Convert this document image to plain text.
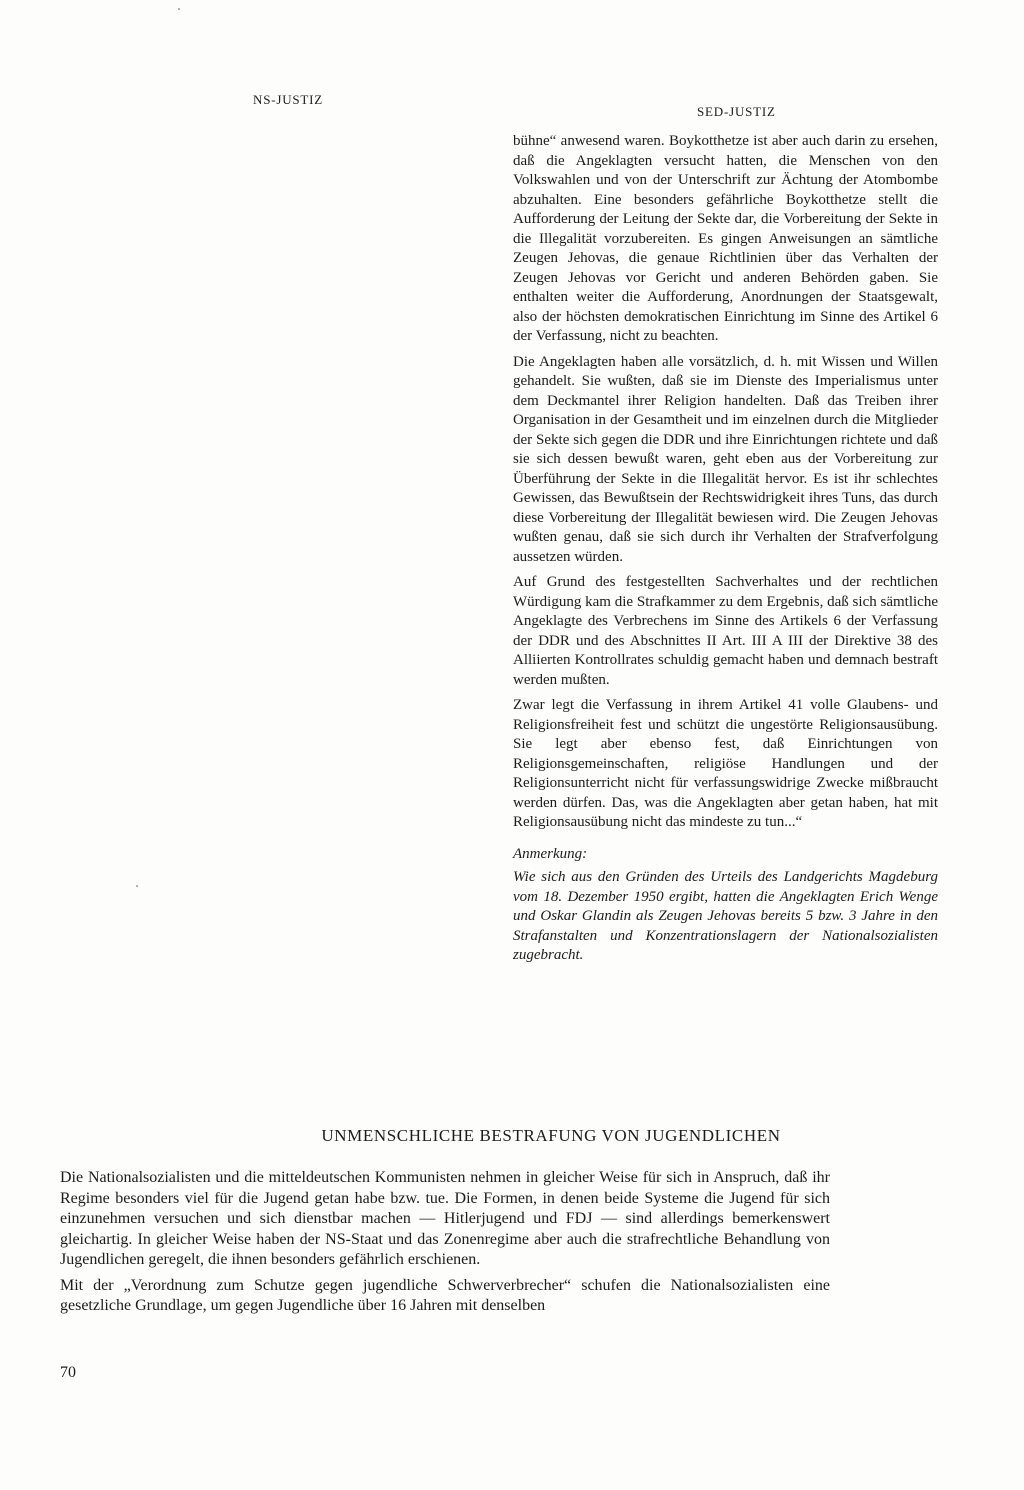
NS-JUSTIZ
SED-JUSTIZ

bühne“ anwesend waren. Boykotthetze ist aber auch darin zu ersehen, daß die Angeklagten versucht hatten, die Menschen von den Volkswahlen und von der Unterschrift zur Ächtung der Atombombe abzuhalten. Eine besonders gefährliche Boykotthetze stellt die Aufforderung der Leitung der Sekte dar, die Vorbereitung der Sekte in die Illegalität vorzubereiten. Es gingen Anweisungen an sämtliche Zeugen Jehovas, die genaue Richtlinien über das Verhalten der Zeugen Jehovas vor Gericht und anderen Behörden gaben. Sie enthalten weiter die Aufforderung, Anordnungen der Staatsgewalt, also der höchsten demokratischen Einrichtung im Sinne des Artikel 6 der Verfassung, nicht zu beachten.

Die Angeklagten haben alle vorsätzlich, d. h. mit Wissen und Willen gehandelt. Sie wußten, daß sie im Dienste des Imperialismus unter dem Deckmantel ihrer Religion handelten. Daß das Treiben ihrer Organisation in der Gesamtheit und im einzelnen durch die Mitglieder der Sekte sich gegen die DDR und ihre Einrichtungen richtete und daß sie sich dessen bewußt waren, geht eben aus der Vorbereitung zur Überführung der Sekte in die Illegalität hervor. Es ist ihr schlechtes Gewissen, das Bewußtsein der Rechtswidrigkeit ihres Tuns, das durch diese Vorbereitung der Illegalität bewiesen wird. Die Zeugen Jehovas wußten genau, daß sie sich durch ihr Verhalten der Strafverfolgung aussetzen würden.

Auf Grund des festgestellten Sachverhaltes und der rechtlichen Würdigung kam die Strafkammer zu dem Ergebnis, daß sich sämtliche Angeklagte des Verbrechens im Sinne des Artikels 6 der Verfassung der DDR und des Abschnittes II Art. III A III der Direktive 38 des Alliierten Kontrollrates schuldig gemacht haben und demnach bestraft werden mußten.

Zwar legt die Verfassung in ihrem Artikel 41 volle Glaubens- und Religionsfreiheit fest und schützt die ungestörte Religionsausübung. Sie legt aber ebenso fest, daß Einrichtungen von Religionsgemeinschaften, religiöse Handlungen und der Religionsunterricht nicht für verfassungswidrige Zwecke mißbraucht werden dürfen. Das, was die Angeklagten aber getan haben, hat mit Religionsausübung nicht das mindeste zu tun...“

Anmerkung:

Wie sich aus den Gründen des Urteils des Landgerichts Magdeburg vom 18. Dezember 1950 ergibt, hatten die Angeklagten Erich Wenge und Oskar Glandin als Zeugen Jehovas bereits 5 bzw. 3 Jahre in den Strafanstalten und Konzentrationslagern der Nationalsozialisten zugebracht.

UNMENSCHLICHE BESTRAFUNG VON JUGENDLICHEN

Die Nationalsozialisten und die mitteldeutschen Kommunisten nehmen in gleicher Weise für sich in Anspruch, daß ihr Regime besonders viel für die Jugend getan habe bzw. tue. Die Formen, in denen beide Systeme die Jugend für sich einzunehmen versuchen und sich dienstbar machen — Hitlerjugend und FDJ — sind allerdings bemerkenswert gleichartig. In gleicher Weise haben der NS-Staat und das Zonenregime aber auch die strafrechtliche Behandlung von Jugendlichen geregelt, die ihnen besonders gefährlich erschienen.

Mit der „Verordnung zum Schutze gegen jugendliche Schwerverbrecher“ schufen die Nationalsozialisten eine gesetzliche Grundlage, um gegen Jugendliche über 16 Jahren mit denselben

70
